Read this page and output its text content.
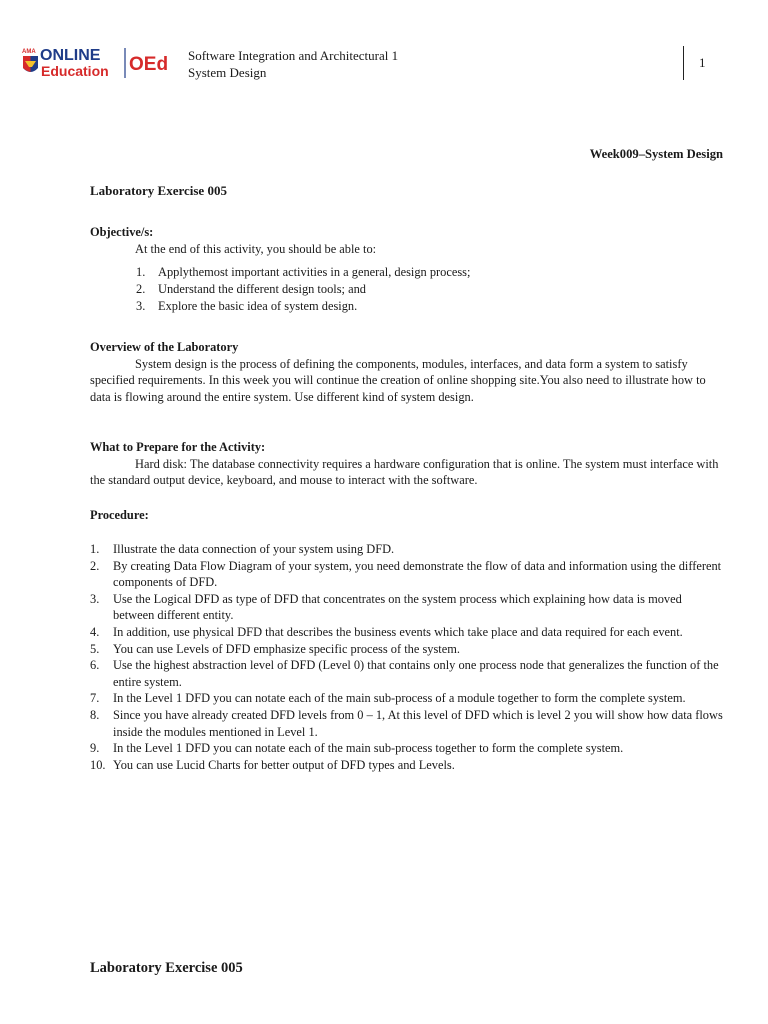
AMA ONLINE
Education OEd Software Integration and Architectural 1
System Design
1
Week009–System Design
Laboratory Exercise 005
Objective/s:
At the end of this activity, you should be able to:
1. Applythemost important activities in a general, design process;
2. Understand the different design tools; and
3. Explore the basic idea of system design.
Overview of the Laboratory
System design is the process of defining the components, modules, interfaces, and data form a system to satisfy specified requirements. In this week you will continue the creation of online shopping site.You also need to illustrate how to data is flowing around the entire system. Use different kind of system design.
What to Prepare for the Activity:
Hard disk: The database connectivity requires a hardware configuration that is online. The system must interface with the standard output device, keyboard, and mouse to interact with the software.
Procedure:
1. Illustrate the data connection of your system using DFD.
2. By creating Data Flow Diagram of your system, you need demonstrate the flow of data and information using the different components of DFD.
3. Use the Logical DFD as type of DFD that concentrates on the system process which explaining how data is moved between different entity.
4. In addition, use physical DFD that describes the business events which take place and data required for each event.
5. You can use Levels of DFD emphasize specific process of the system.
6. Use the highest abstraction level of DFD (Level 0) that contains only one process node that generalizes the function of the entire system.
7. In the Level 1 DFD you can notate each of the main sub-process of a module together to form the complete system.
8. Since you have already created DFD levels from 0 – 1, At this level of DFD which is level 2 you will show how data flows inside the modules mentioned in Level 1.
9. In the Level 1 DFD you can notate each of the main sub-process together to form the complete system.
10. You can use Lucid Charts for better output of DFD types and Levels.
Laboratory Exercise 005
